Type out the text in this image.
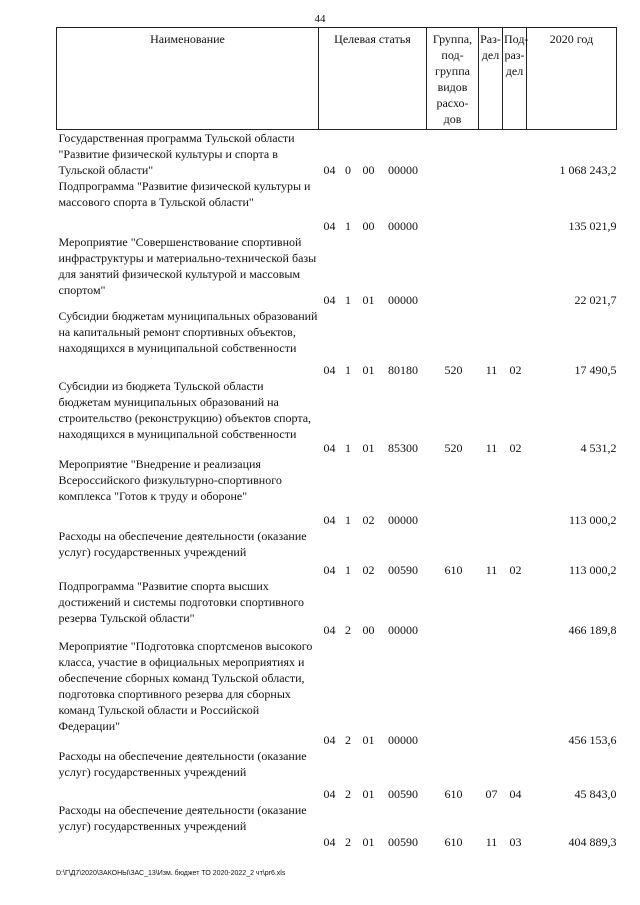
44
Наименование	Целевая статья	Группа, под-группа видов расхо-дов	Раз-дел	Под-раз-дел	2020 год
Государственная программа Тульской области "Развитие физической культуры и спорта в Тульской области"	04 0 00 00000				1 068 243,2
Подпрограмма "Развитие физической культуры и массового спорта в Тульской области"	04 1 00 00000				135 021,9
Мероприятие "Совершенствование спортивной инфраструктуры и материально-технической базы для занятий физической культурой и массовым спортом"	04 1 01 00000				22 021,7
Субсидии бюджетам муниципальных образований на капитальный ремонт спортивных объектов, находящихся в муниципальной собственности	04 1 01 80180	520	11	02	17 490,5
Субсидии из бюджета Тульской области бюджетам муниципальных образований на строительство (реконструкцию) объектов спорта, находящихся в муниципальной собственности	04 1 01 85300	520	11	02	4 531,2
Мероприятие "Внедрение и реализация Всероссийского физкультурно-спортивного комплекса "Готов к труду и обороне"	04 1 02 00000				113 000,2
Расходы на обеспечение деятельности (оказание услуг) государственных учреждений	04 1 02 00590	610	11	02	113 000,2
Подпрограмма "Развитие спорта высших достижений и системы подготовки спортивного резерва Тульской области"	04 2 00 00000				466 189,8
Мероприятие "Подготовка спортсменов высокого класса, участие в официальных мероприятиях и обеспечение сборных команд Тульской области, подготовка спортивного резерва для сборных команд Тульской области и Российской Федерации"	04 2 01 00000				456 153,6
Расходы на обеспечение деятельности (оказание услуг) государственных учреждений	04 2 01 00590	610	07	04	45 843,0
Расходы на обеспечение деятельности (оказание услуг) государственных учреждений	04 2 01 00590	610	11	03	404 889,3
D:\Г\Д7\2020\ЗАКОНЫ\ЗАС_13\Изм. бюджет ТО 2020-2022_2 чт\pr6.xls
